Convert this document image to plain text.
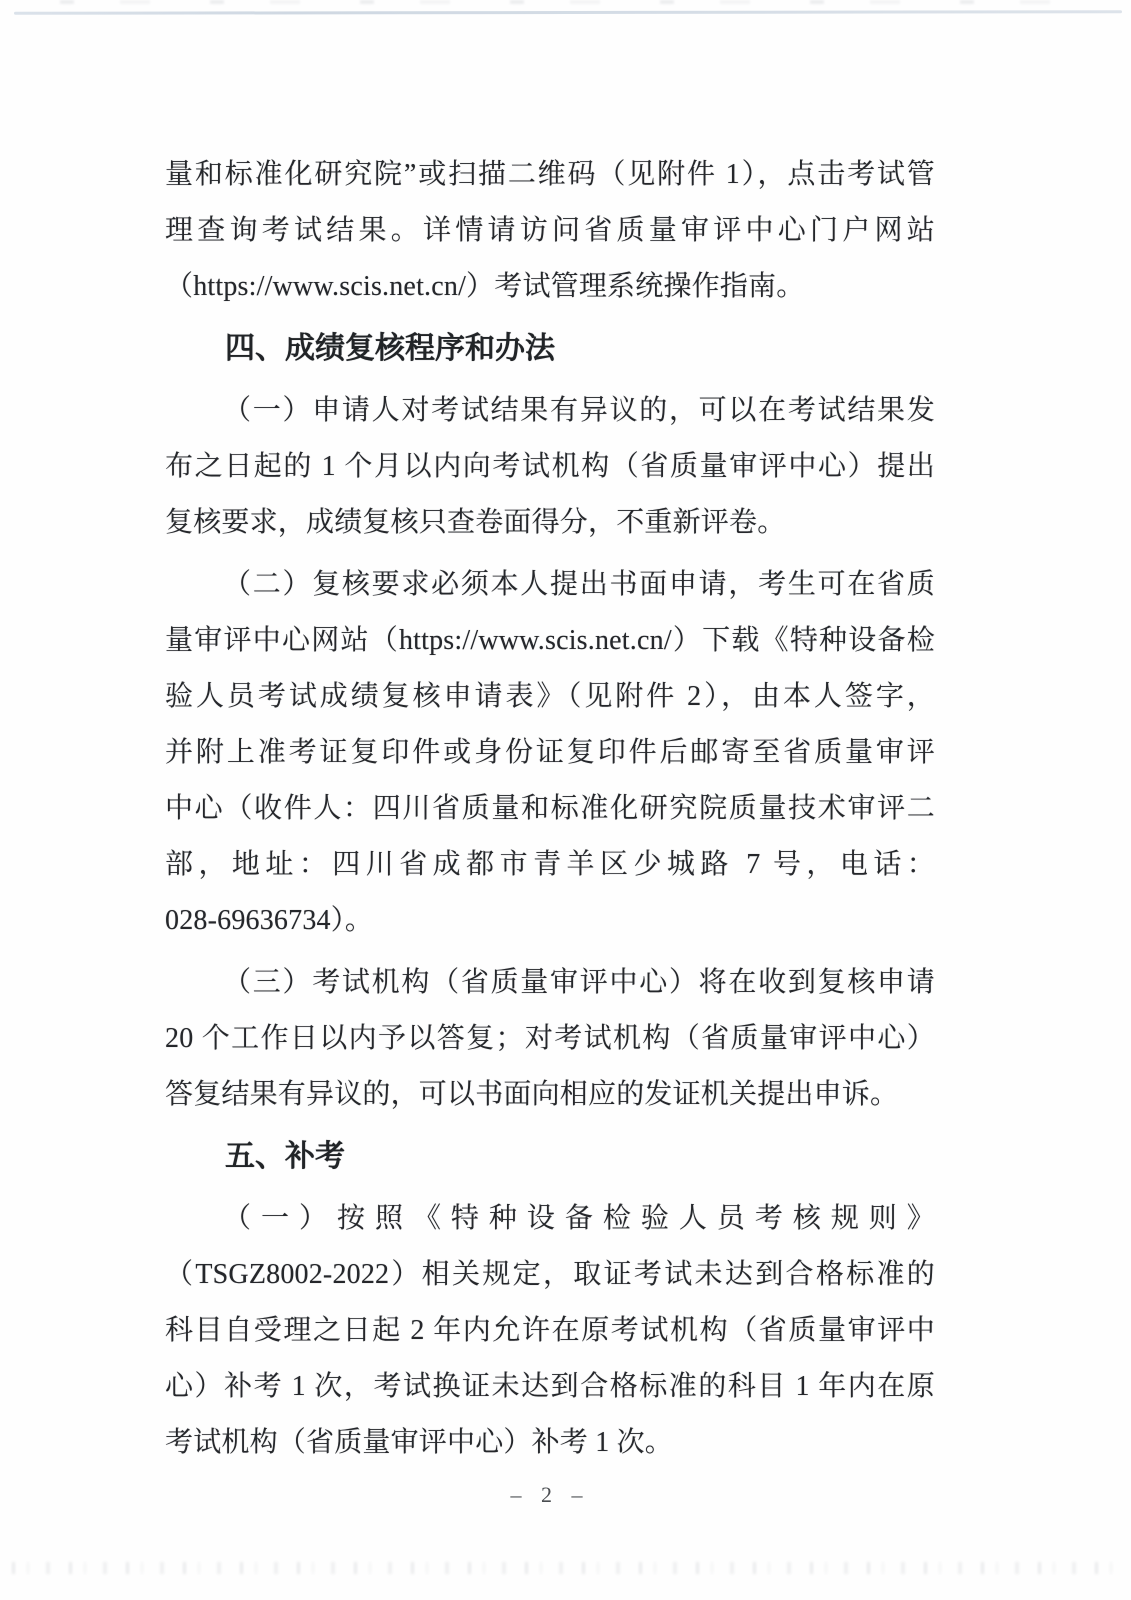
量和标准化研究院”或扫描二维码（见附件 1），点击考试管
理查询考试结果。详情请访问省质量审评中心门户网站
（https://www.scis.net.cn/）考试管理系统操作指南。
四、成绩复核程序和办法
（一）申请人对考试结果有异议的，可以在考试结果发
布之日起的 1 个月以内向考试机构（省质量审评中心）提出
复核要求，成绩复核只查卷面得分，不重新评卷。
（二）复核要求必须本人提出书面申请，考生可在省质
量审评中心网站（https://www.scis.net.cn/）下载《特种设备检
验人员考试成绩复核申请表》（见附件 2），由本人签字，
并附上准考证复印件或身份证复印件后邮寄至省质量审评
中心（收件人：四川省质量和标准化研究院质量技术审评二
部，地址：四川省成都市青羊区少城路 7 号，电话：
028-69636734）。
（三）考试机构（省质量审评中心）将在收到复核申请
20 个工作日以内予以答复；对考试机构（省质量审评中心）
答复结果有异议的，可以书面向相应的发证机关提出申诉。
五、补考
（一）按照《特种设备检验人员考核规则》
（TSGZ8002-2022）相关规定，取证考试未达到合格标准的
科目自受理之日起 2 年内允许在原考试机构（省质量审评中
心）补考 1 次，考试换证未达到合格标准的科目 1 年内在原
考试机构（省质量审评中心）补考 1 次。
– 2 –
